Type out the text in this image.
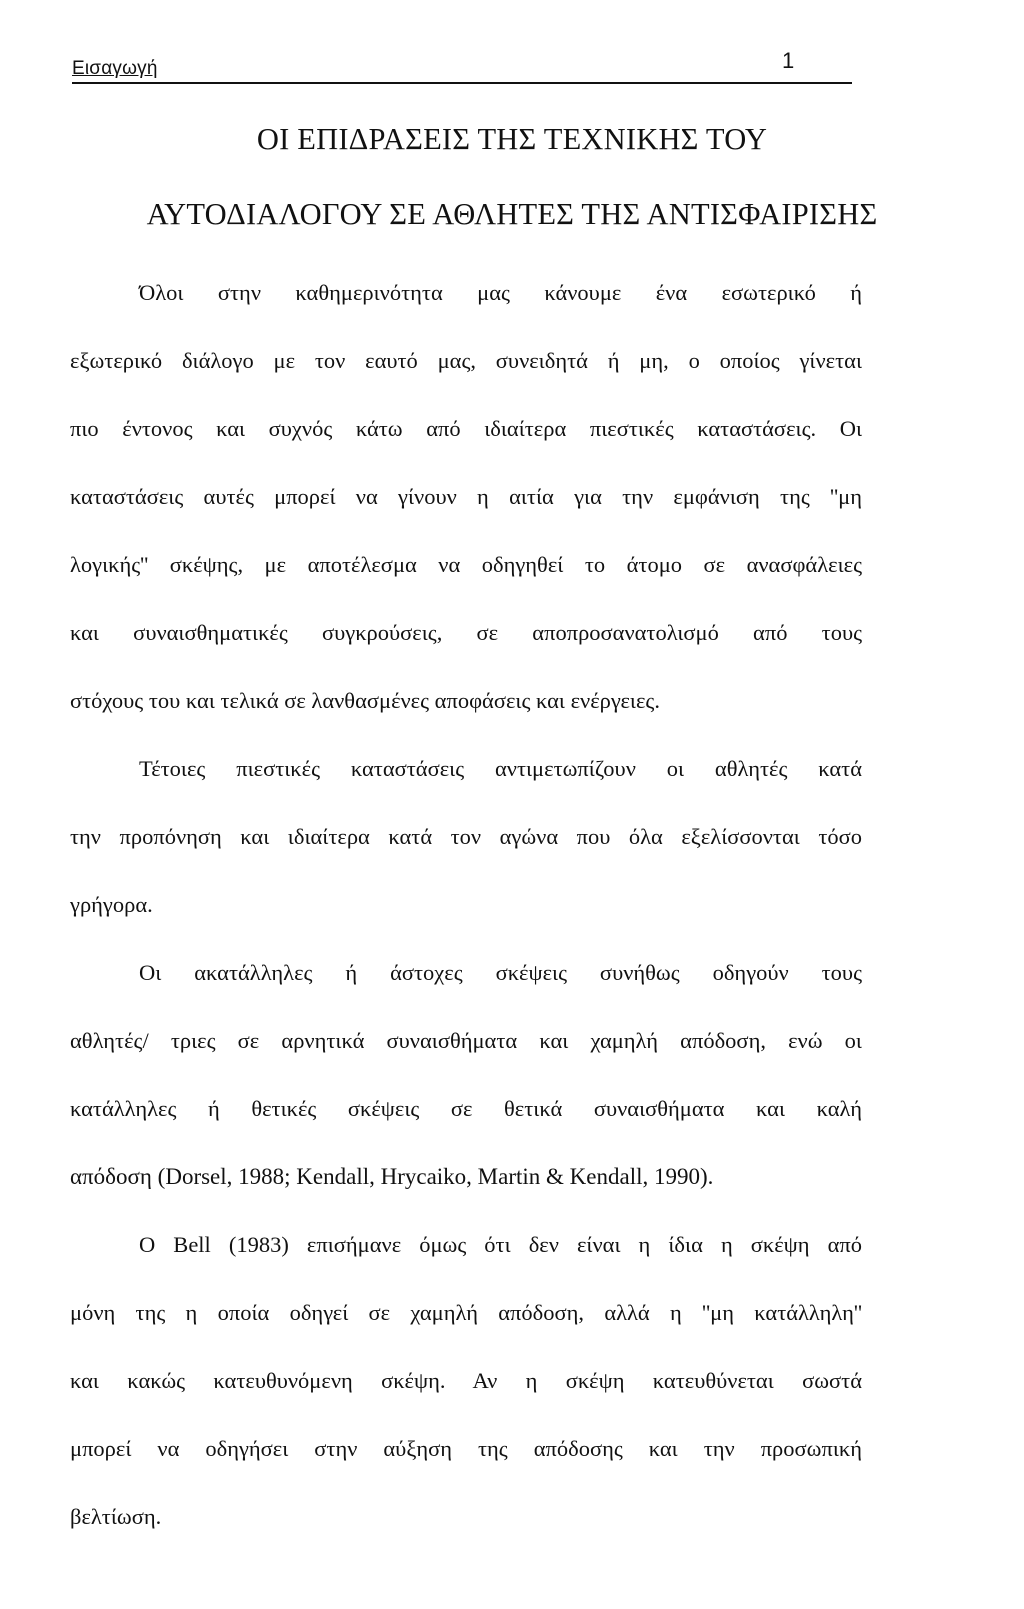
Εισαγωγή	1
ΟΙ ΕΠΙΔΡΑΣΕΙΣ ΤΗΣ ΤΕΧΝΙΚΗΣ ΤΟΥ
ΑΥΤΟΔΙΑΛΟΓΟΥ ΣΕ ΑΘΛΗΤΕΣ ΤΗΣ ΑΝΤΙΣΦΑΙΡΙΣΗΣ
Όλοι στην καθημερινότητα μας κάνουμε ένα εσωτερικό ή
εξωτερικό διάλογο με τον εαυτό μας, συνειδητά ή μη, ο οποίος γίνεται
πιο έντονος και συχνός κάτω από ιδιαίτερα πιεστικές καταστάσεις. Οι
καταστάσεις αυτές μπορεί να γίνουν η αιτία για την εμφάνιση της ''μη
λογικής'' σκέψης, με αποτέλεσμα να οδηγηθεί το άτομο σε ανασφάλειες
και συναισθηματικές συγκρούσεις, σε αποπροσανατολισμό από τους
στόχους του και τελικά σε λανθασμένες αποφάσεις και ενέργειες.
Τέτοιες πιεστικές καταστάσεις αντιμετωπίζουν οι αθλητές κατά
την προπόνηση και ιδιαίτερα κατά τον αγώνα που όλα εξελίσσονται τόσο
γρήγορα.
Οι ακατάλληλες ή άστοχες σκέψεις συνήθως οδηγούν τους
αθλητές/ τριες σε αρνητικά συναισθήματα και χαμηλή απόδοση, ενώ οι
κατάλληλες ή θετικές σκέψεις σε θετικά συναισθήματα και καλή
απόδοση (Dorsel, 1988; Kendall, Hrycaiko, Martin & Kendall, 1990).
Ο Bell (1983) επισήμανε όμως ότι δεν είναι η ίδια η σκέψη από
μόνη της η οποία οδηγεί σε χαμηλή απόδοση, αλλά η ''μη κατάλληλη''
και κακώς κατευθυνόμενη σκέψη. Αν η σκέψη κατευθύνεται σωστά
μπορεί να οδηγήσει στην αύξηση της απόδοσης και την προσωπική
βελτίωση.
